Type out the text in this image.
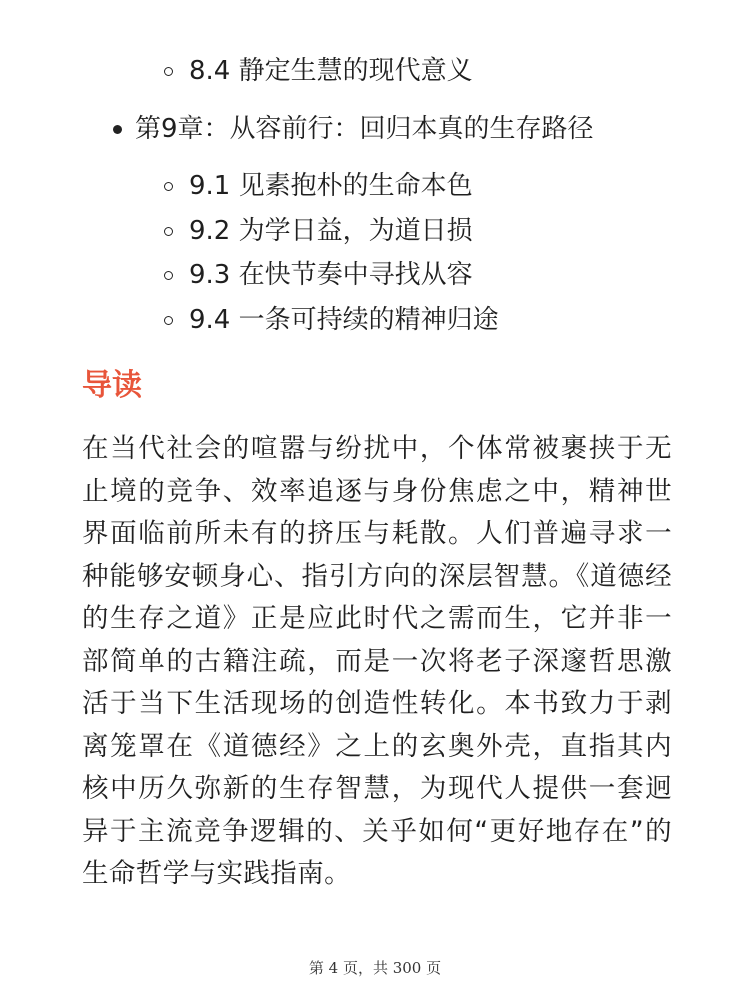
8.4 静定生慧的现代意义
第9章：从容前行：回归本真的生存路径
9.1 见素抱朴的生命本色
9.2 为学日益，为道日损
9.3 在快节奏中寻找从容
9.4 一条可持续的精神归途
导读
在当代社会的喧嚣与纷扰中，个体常被裹挟于无止境的竞争、效率追逐与身份焦虑之中，精神世界面临前所未有的挤压与耗散。人们普遍寻求一种能够安顿身心、指引方向的深层智慧。《道德经的生存之道》正是应此时代之需而生，它并非一部简单的古籍注疏，而是一次将老子深邃哲思激活于当下生活现场的创造性转化。本书致力于剥离笼罩在《道德经》之上的玄奥外壳，直指其内核中历久弥新的生存智慧，为现代人提供一套迥异于主流竞争逻辑的、关乎如何“更好地存在”的生命哲学与实践指南。
第 4 页，共 300 页
